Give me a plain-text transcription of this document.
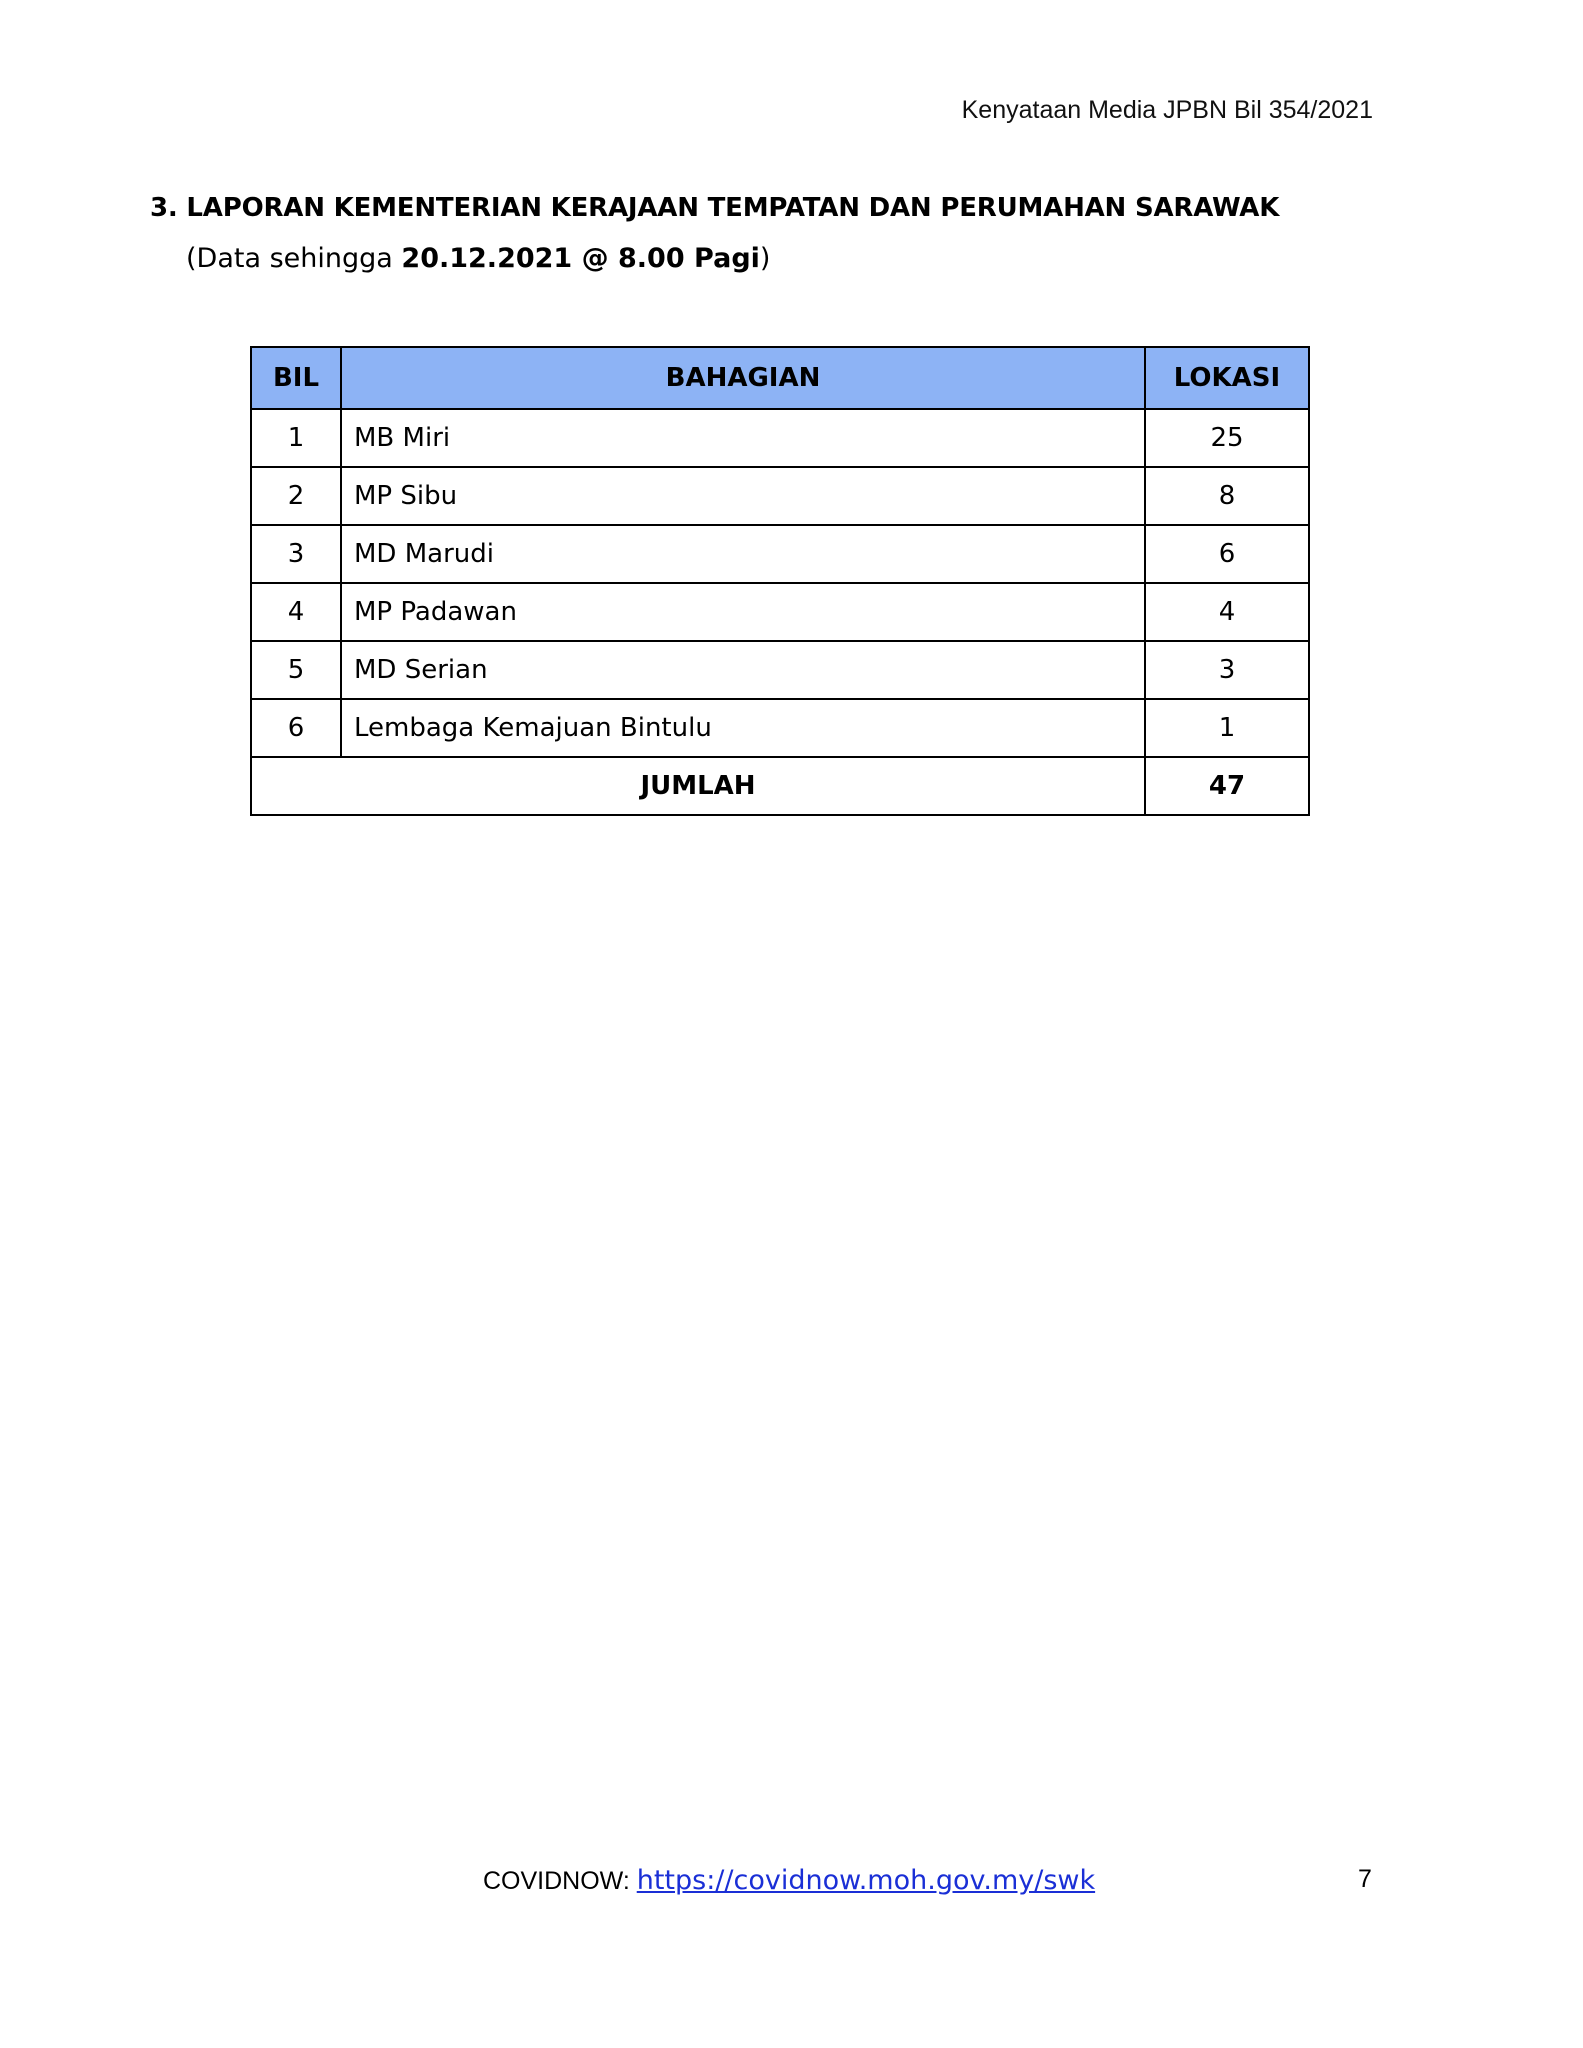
Kenyataan Media JPBN Bil 354/2021
3. LAPORAN KEMENTERIAN KERAJAAN TEMPATAN DAN PERUMAHAN SARAWAK
(Data sehingga 20.12.2021 @ 8.00 Pagi)
BIL	BAHAGIAN	LOKASI
1	MB Miri	25
2	MP Sibu	8
3	MD Marudi	6
4	MP Padawan	4
5	MD Serian	3
6	Lembaga Kemajuan Bintulu	1
JUMLAH		47
COVIDNOW: https://covidnow.moh.gov.my/swk	7
